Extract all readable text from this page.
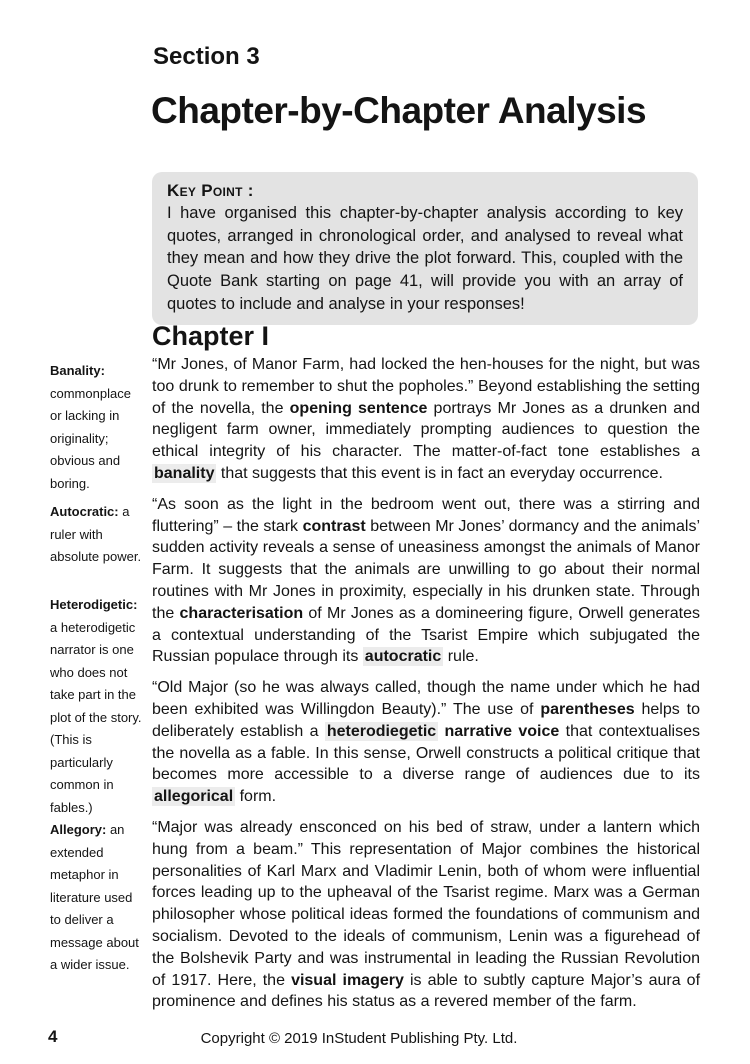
Section 3
Chapter-by-Chapter Analysis
Key Point :
I have organised this chapter-by-chapter analysis according to key quotes, arranged in chronological order, and analysed to reveal what they mean and how they drive the plot forward. This, coupled with the Quote Bank starting on page 41, will provide you with an array of quotes to include and analyse in your responses!
Chapter I

“Mr Jones, of Manor Farm, had locked the hen-houses for the night, but was too drunk to remember to shut the popholes.” Beyond establishing the setting of the novella, the opening sentence portrays Mr Jones as a drunken and negligent farm owner, immediately prompting audiences to question the ethical integrity of his character. The matter-of-fact tone establishes a banality that suggests that this event is in fact an everyday occurrence.

“As soon as the light in the bedroom went out, there was a stirring and fluttering” – the stark contrast between Mr Jones’ dormancy and the animals’ sudden activity reveals a sense of uneasiness amongst the animals of Manor Farm. It suggests that the animals are unwilling to go about their normal routines with Mr Jones in proximity, especially in his drunken state. Through the characterisation of Mr Jones as a domineering figure, Orwell generates a contextual understanding of the Tsarist Empire which subjugated the Russian populace through its autocratic rule.

“Old Major (so he was always called, though the name under which he had been exhibited was Willingdon Beauty).” The use of parentheses helps to deliberately establish a heterodiegetic narrative voice that contextualises the novella as a fable. In this sense, Orwell constructs a political critique that becomes more accessible to a diverse range of audiences due to its allegorical form.

“Major was already ensconced on his bed of straw, under a lantern which hung from a beam.” This representation of Major combines the historical personalities of Karl Marx and Vladimir Lenin, both of whom were influential forces leading up to the upheaval of the Tsarist regime. Marx was a German philosopher whose political ideas formed the foundations of communism and socialism. Devoted to the ideals of communism, Lenin was a figurehead of the Bolshevik Party and was instrumental in leading the Russian Revolution of 1917. Here, the visual imagery is able to subtly capture Major’s aura of prominence and defines his status as a revered member of the farm.

Banality: commonplace or lacking in originality; obvious and boring.
Autocratic: a ruler with absolute power.
Heterodigetic: a heterodigetic narrator is one who does not take part in the plot of the story. (This is particularly common in fables.)
Allegory: an extended metaphor in literature used to deliver a message about a wider issue.
4	Copyright © 2019 InStudent Publishing Pty. Ltd.
